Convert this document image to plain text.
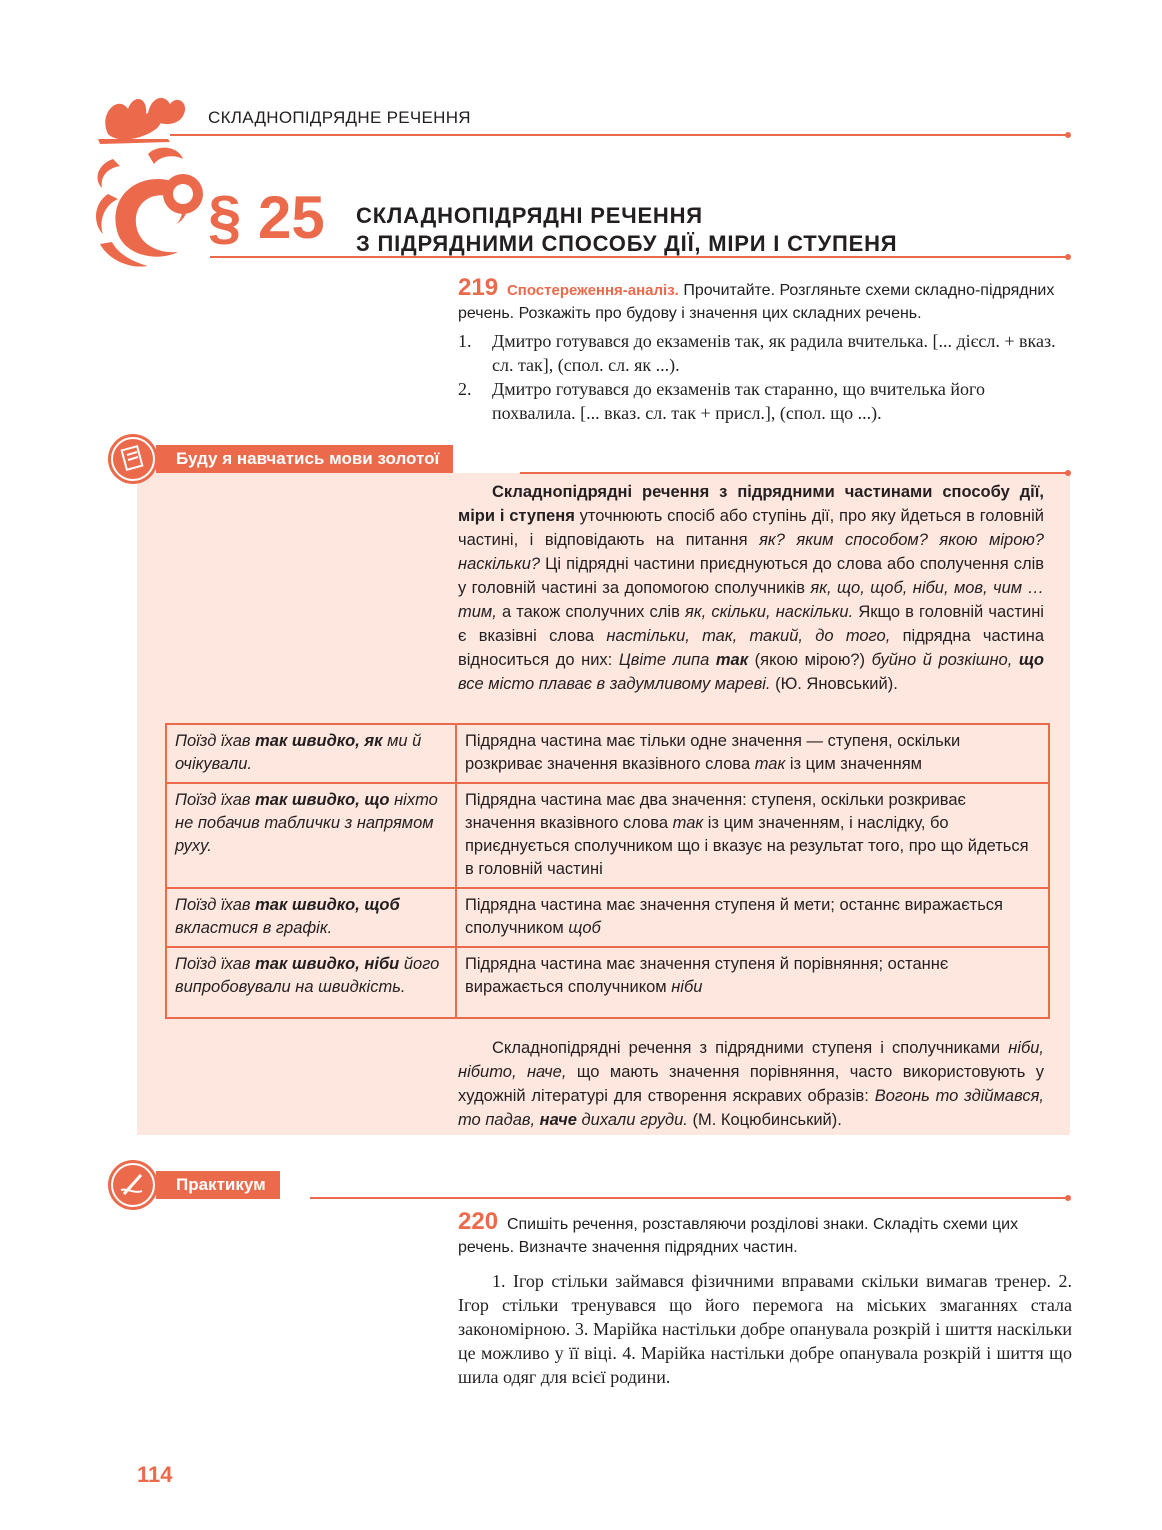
СКЛАДНОПІДРЯДНЕ РЕЧЕННЯ
§ 25 СКЛАДНОПІДРЯДНІ РЕЧЕННЯ
З ПІДРЯДНИМИ СПОСОБУ ДІЇ, МІРИ І СТУПЕНЯ
219 Спостереження-аналіз. Прочитайте. Розгляньте схеми складно-підрядних речень. Розкажіть про будову і значення цих складних речень.
1.	Дмитро готувався до екзаменів так, як радила вчителька. [... дієсл. + вказ. сл. так], (спол. сл. як ...).
2.	Дмитро готувався до екзаменів так старанно, що вчителька його похвалила. [... вказ. сл. так + присл.], (спол. що ...).
Буду я навчатись мови золотої

Складнопідрядні речення з підрядними частинами способу дії, міри і ступеня уточнюють спосіб або ступінь дії, про яку йдеться в головній частині, і відповідають на питання як? яким способом? якою мірою? наскільки? Ці підрядні частини приєднуються до слова або сполучення слів у головній частині за допомогою сполучників як, що, щоб, ніби, мов, чим … тим, а також сполучних слів як, скільки, наскільки. Якщо в головній частині є вказівні слова настільки, так, такий, до того, підрядна частина відноситься до них: Цвіте липа так (якою мірою?) буйно й розкішно, що все місто плаває в задумливому мареві. (Ю. Яновський).

Поїзд їхав так швидко, як ми й очікували.	Підрядна частина має тільки одне значення — ступеня, оскільки розкриває значення вказівного слова так із цим значенням
Поїзд їхав так швидко, що ніхто не побачив таблички з напрямом руху.	Підрядна частина має два значення: ступеня, оскільки розкриває значення вказівного слова так із цим значенням, і наслідку, бо приєднується сполучником що і вказує на результат того, про що йдеться в головній частині
Поїзд їхав так швидко, щоб вкластися в графік.	Підрядна частина має значення ступеня й мети; останнє виражається сполучником щоб
Поїзд їхав так швидко, ніби його випробовували на швидкість.	Підрядна частина має значення ступеня й порівняння; останнє виражається сполучником ніби

Складнопідрядні речення з підрядними ступеня і сполучниками ніби, нібито, наче, що мають значення порівняння, часто використовують у художній літературі для створення яскравих образів: Вогонь то здіймався, то падав, наче дихали груди. (М. Коцюбинський).

Практикум
220 Спишіть речення, розставляючи розділові знаки. Складіть схеми цих речень. Визначте значення підрядних частин.
1. Ігор стільки займався фізичними вправами скільки вимагав тренер. 2. Ігор стільки тренувався що його перемога на міських змаганнях стала закономірною. 3. Марійка настільки добре опанувала розкрій і шиття наскільки це можливо у її віці. 4. Марійка настільки добре опанувала розкрій і шиття що шила одяг для всієї родини.
114
